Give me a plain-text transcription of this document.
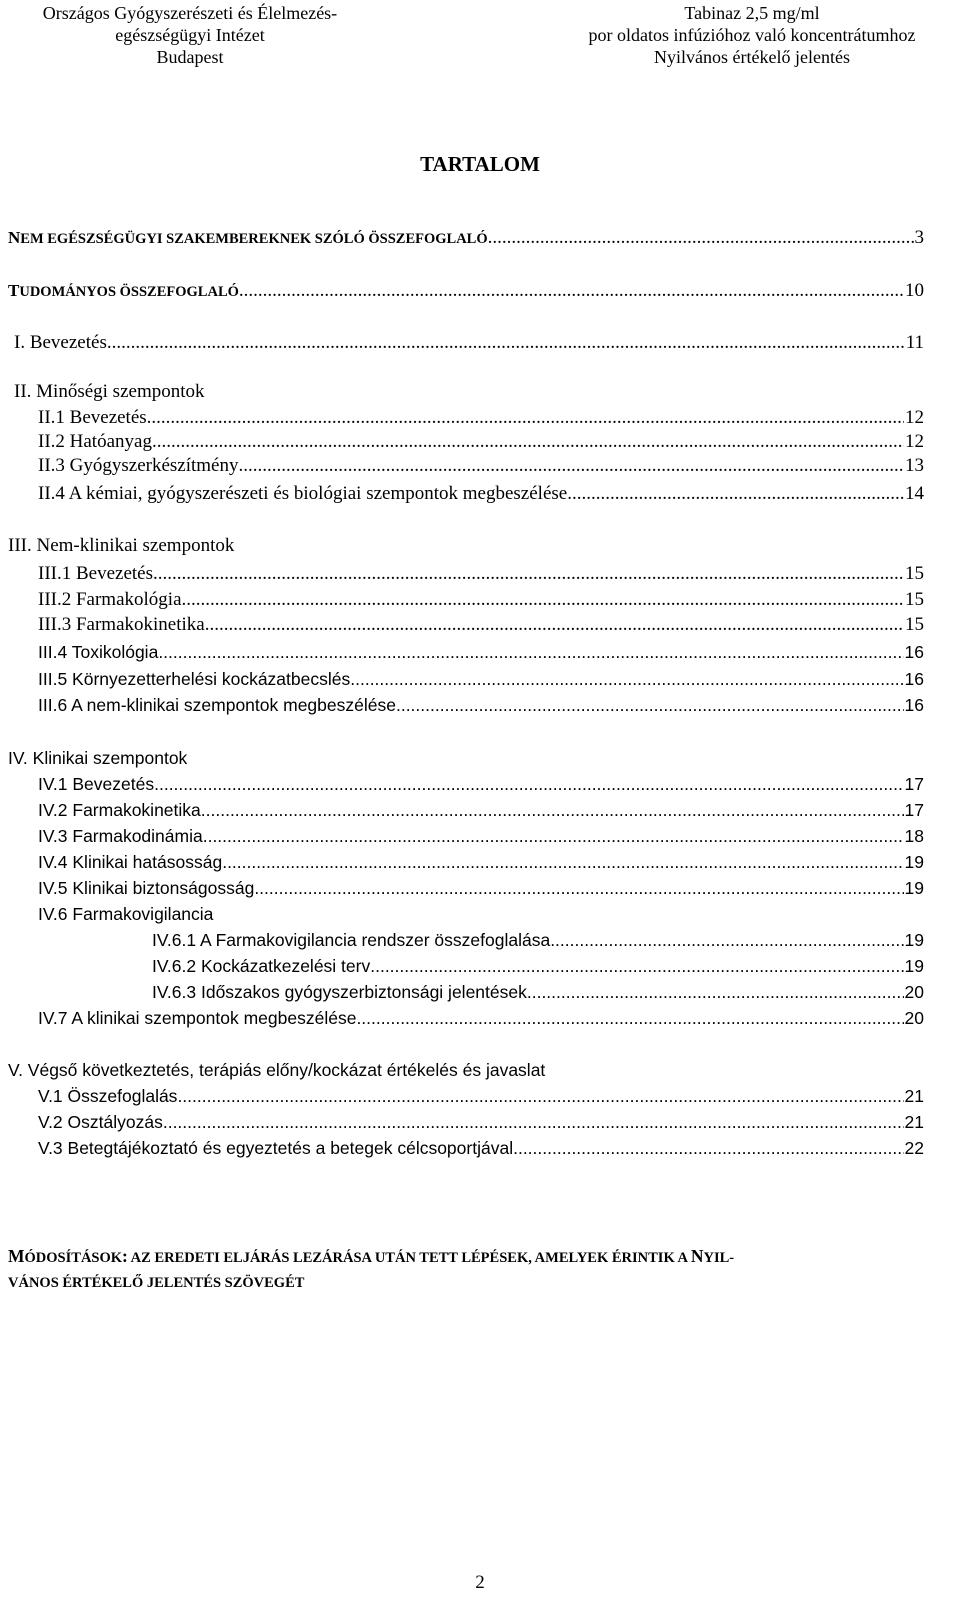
Országos Gyógyszerészeti és Élelmezés-
egészségügyi Intézet
Budapest
Tabinaz 2,5 mg/ml
por oldatos infúzióhoz való koncentrátumhoz
Nyilvános értékelő jelentés
TARTALOM
NEM EGÉSZSÉGÜGYI SZAKEMBEREKNEK SZÓLÓ ÖSSZEFOGLALÓ .....	3
TUDOMÁNYOS ÖSSZEFOGLALÓ... .....	10
I. Bevezetés .....	11
II. Minőségi szempontok
II.1 Bevezetés .....	12
II.2 Hatóanyag .....	12
II.3 Gyógyszerkészítmény .....	13
II.4 A kémiai, gyógyszerészeti és biológiai szempontok megbeszélése .....	14
III. Nem-klinikai szempontok
III.1 Bevezetés .....	15
III.2 Farmakológia .....	15
III.3 Farmakokinetika .....	15
III.4 Toxikológia .....	16
III.5 Környezetterhelési kockázatbecslés .....	16
III.6 A nem-klinikai szempontok megbeszélése .....	16
IV. Klinikai szempontok
IV.1 Bevezetés .....	17
IV.2 Farmakokinetika .....	17
IV.3 Farmakodinámia .....	18
IV.4 Klinikai hatásosság .....	19
IV.5 Klinikai biztonságosság .....	19
IV.6 Farmakovigilancia
IV.6.1 A Farmakovigilancia rendszer összefoglalása .....	19
IV.6.2 Kockázatkezelési terv .....	19
IV.6.3 Időszakos gyógyszerbiztonsági jelentések .....	20
IV.7 A klinikai szempontok megbeszélése .....	20
V. Végső következtetés, terápiás előny/kockázat értékelés és javaslat
V.1 Összefoglalás .....	21
V.2 Osztályozás .....	21
V.3 Betegtájékoztató és egyeztetés a betegek célcsoportjával .....	22
MÓDOSÍTÁSOK: AZ EREDETI ELJÁRÁS LEZÁRÁSA UTÁN TETT LÉPÉSEK, AMELYEK ÉRINTIK A NYIL-
VÁNOS ÉRTÉKELŐ JELENTÉS SZÖVEGÉT
2
